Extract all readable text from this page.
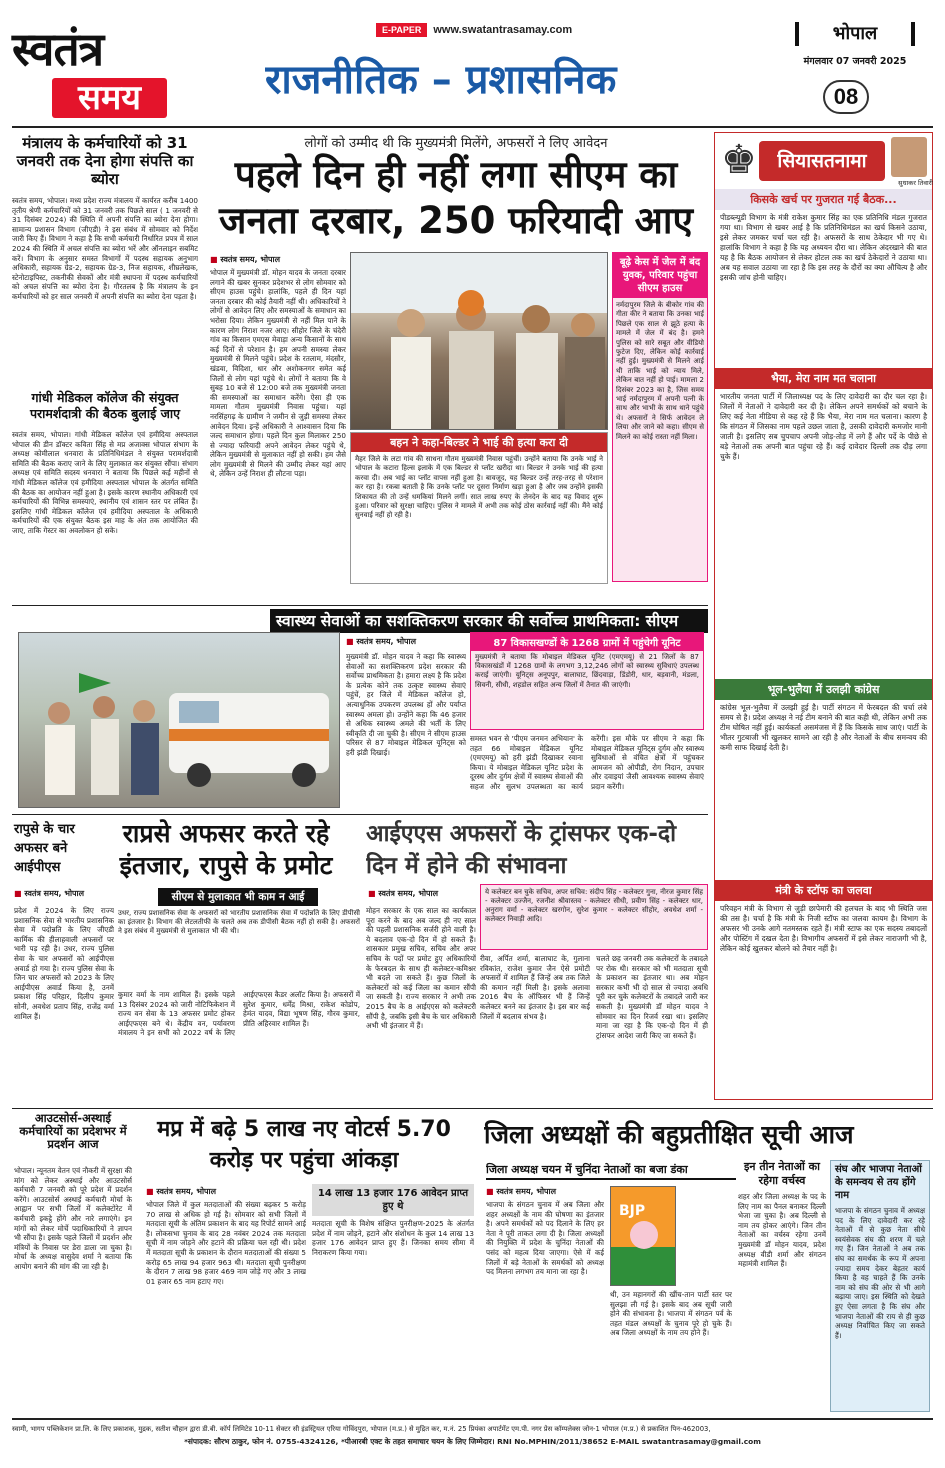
स्वतंत्र
समय
E-PAPER	www.swatantrasamay.com
राजनीतिक – प्रशासनिक
भोपाल
मंगलवार 07 जनवरी 2025
08
मंत्रालय के कर्मचारियों को 31 जनवरी तक देना होगा संपत्ति का ब्योरा
स्वतंत्र समय, भोपाल। मध्य प्रदेश राज्य मंत्रालय में कार्यरत करीब 1400 तृतीय श्रेणी कर्मचारियों को 31 जनवरी तक पिछले साल ( 1 जनवरी से 31 दिसंबर 2024) की स्थिति में अपनी संपत्ति का ब्योरा देना होगा। सामान्य प्रशासन विभाग (जीएडी) ने इस संबंध में सोमवार को निर्देश जारी किए हैं। विभाग ने कहा है कि सभी कर्मचारी निर्धारित प्रपत्र में साल 2024 की स्थिति में अचल संपत्ति का ब्योरा भरें और ऑनलाइन सबमिट करें। विभाग के अनुसार समस्त विभागों में पदस्थ सहायक अनुभाग अधिकारी, सहायक ग्रेड-2, सहायक ग्रेड-3, निज सहायक, शीघ्रलेखक, स्टेनोटाइपिस्ट, तकनीकी सेवकों और मंत्री स्थापना में पदस्थ कर्मचारियों को अचल संपत्ति का ब्योरा देना है। गौरतलब है कि मंत्रालय के इन कर्मचारियों को हर साल जनवरी में अपनी संपत्ति का ब्योरा देना पड़ता है।
गांधी मेडिकल कॉलेज की संयुक्त परामर्शदात्री की बैठक बुलाई जाए
स्वतंत्र समय, भोपाल। गांधी मेडिकल कॉलेज एवं हमीदिया अस्पताल भोपाल की डीन डॉक्टर कविता सिंह से मप्र अजाक्स भोपाल संभाग के अध्यक्ष कोमीलाल धनवारा के प्रतिनिधिमंडल ने संयुक्त परामर्शदात्री समिति की बैठक कराए जाने के लिए मुलाकात कर संयुक्त सौंपा। संभाग अध्यक्ष एवं समिति सदस्य धनवारा ने बताया कि पिछले कई महीनों से गांधी मेडिकल कॉलेज एवं हमीदिया अस्पताल भोपाल के अंतर्गत समिति की बैठक का आयोजन नहीं हुआ है। इसके कारण स्थानीय अधिकारी एवं कर्मचारियों की विभिन्न समस्याएं, स्थानीय एवं शासन स्तर पर लंबित हैं। इसलिए गांधी मेडिकल कॉलेज एवं हमीदिया अस्पताल के अधिकारी कर्मचारियों की एक संयुक्त बैठक इस माह के अंत तक आयोजित की जाए, ताकि गेस्टर का अवलोकन हो सके।
लोगों को उम्मीद थी कि मुख्यमंत्री मिलेंगे, अफसरों ने लिए आवेदन
पहले दिन ही नहीं लगा सीएम का जनता दरबार, 250 फरियादी आए
■ स्वतंत्र समय, भोपाल
भोपाल में मुख्यमंत्री डॉ. मोहन यादव के जनता दरबार लगाने की खबर सुनकर प्रदेशभर से लोग सोमवार को सीएम हाउस पहुंचे। हालांकि, पहले ही दिन यहां जनता दरबार की कोई तैयारी नहीं थी। अधिकारियों ने लोगों से आवेदन लिए और समस्याओं के समाधान का भरोसा दिया। लेकिन मुख्यमंत्री से नहीं मिल पाने के कारण लोग निराश नजर आए। सीहोर जिले के चंदेरी गांव का किसान एमएस मेवाड़ा अन्य किसानों के साथ कई दिनों से परेशान है। हम अपनी समस्या लेकर मुख्यमंत्री से मिलने पहुंचे। प्रदेश के रतलाम, मंदसौर, खंडवा, विदिशा, धार और अशोकनगर समेत कई जिलों से लोग यहां पहुंचे थे। लोगों ने बताया कि वे सुबह 10 बजे से 12:00 बजे तक मुख्यमंत्री जनता की समस्याओं का समाधान करेंगे। ऐसा ही एक मामला गौतम मुख्यमंत्री निवास पहुंचा। यहां नरसिंहगढ़ के ग्रामीण ने जमीन से जुड़ी समस्या लेकर आवेदन दिया। इन्हें अधिकारी ने आश्वासन दिया कि जल्द समाधान होगा। पहले दिन कुल मिलाकर 250 से ज्यादा फरियादी अपने आवेदन लेकर पहुंचे थे, लेकिन मुख्यमंत्री से मुलाकात नहीं हो सकी। हम जैसे लोग मुख्यमंत्री से मिलने की उम्मीद लेकर यहां आए थे, लेकिन उन्हें निराश ही लौटना पड़ा।
बूढ़े केस में जेल में बंद युवक, परिवार पहुंचा सीएम हाउस
नर्मदापुरम जिले के बीकोर गांव की गीता कीर ने बताया कि उनका भाई पिछले एक साल से झूठे हत्या के मामले में जेल में बंद है। हमने पुलिस को सारे सबूत और वीडियो फुटेज दिए, लेकिन कोई कार्रवाई नहीं हुई। मुख्यमंत्री से मिलने आई थी ताकि भाई को न्याय मिले, लेकिन बात नहीं हो पाई। मामला 2 दिसंबर 2023 का है, जिस समय भाई नर्मदापुरम में अपनी पत्नी के साथ और भाभी के साथ थाने पहुंचे थे। अफसरों ने सिर्फ आवेदन ले लिया और जाने को कहा। सीएम से मिलने का कोई रास्ता नहीं मिला।
बहन ने कहा-बिल्डर ने भाई की हत्या करा दी
मैहर जिले के लटा गांव की साधना गौतम मुख्यमंत्री निवास पहुंचीं। उन्होंने बताया कि उनके भाई ने भोपाल के कटारा हिल्स इलाके में एक बिल्डर से प्लॉट खरीदा था। बिल्डर ने उनके भाई की हत्या करवा दी। अब भाई का प्लॉट वापस नहीं हुआ है। बावजूद, यह बिल्डर उन्हें तरह-तरह से परेशान कर रहा है। रकबा बताती है कि उनके प्लॉट पर दूसरा निर्माण खड़ा हुआ है और जब उन्होंने इसकी शिकायत की तो उन्हें धमकियां मिलने लगीं। सात लाख रुपए के लेनदेन के बाद यह विवाद शुरू हुआ। परिवार को सुरक्षा चाहिए। पुलिस ने मामले में अभी तक कोई ठोस कार्रवाई नहीं की। मैंने कोई सुनवाई नहीं हो रही है।
स्वास्थ्य सेवाओं का सशक्तिकरण सरकार की सर्वोच्च प्राथमिकता: सीएम
■ स्वतंत्र समय, भोपाल	87 विकासखण्डों के 1268 ग्रामों में पहुंचेगी यूनिट
मुख्यमंत्री ने बताया कि मोबाइल मेडिकल यूनिट (एमएमयू) से 21 जिलों के 87 विकासखंडों में 1268 ग्रामों के लगभग 3,12,246 लोगों को स्वास्थ्य सुविधाएं उपलब्ध कराई जाएंगी। यूनिट्स अनूपपुर, बालाघाट, छिंदवाड़ा, डिंडोरी, धार, बड़वानी, मंडला, सिवनी, सीधी, शहडोल सहित अन्य जिलों में तैनात की जाएंगी।
मुख्यमंत्री डॉ. मोहन यादव ने कहा कि स्वास्थ्य सेवाओं का सशक्तिकरण प्रदेश सरकार की सर्वोच्च प्राथमिकता है। हमारा लक्ष्य है कि प्रदेश के प्रत्येक कोने तक उत्कृष्ट स्वास्थ्य सेवाएं पहुंचें, हर जिले में मेडिकल कॉलेज हो, अत्याधुनिक उपकरण उपलब्ध हों और पर्याप्त स्वास्थ्य अमला हो। उन्होंने कहा कि 46 हजार से अधिक स्वास्थ्य अमले की भर्ती के लिए स्वीकृति दी जा चुकी है। सीएम ने सीएम हाउस परिसर से 87 मोबाइल मेडिकल यूनिट्स को हरी झंडी दिखाई।
समस्त भवन से 'पीएम जनमन अभियान' के तहत 66 मोबाइल मेडिकल यूनिट (एमएमयू) को हरी झंडी दिखाकर रवाना किया। ये मोबाइल मेडिकल यूनिट प्रदेश के दूरस्थ और दुर्गम क्षेत्रों में स्वास्थ्य सेवाओं की सहज और सुलभ उपलब्धता का कार्य करेंगी। इस मौके पर सीएम ने कहा कि मोबाइल मेडिकल यूनिट्स दुर्गम और स्वास्थ्य सुविधाओं से वंचित क्षेत्रों में पहुंचकर आमजन को ओपीडी, रोग निदान, उपचार और दवाइयां जैसी आवश्यक स्वास्थ्य सेवाएं प्रदान करेंगी।
रापुसे के चार अफसर बने आईपीएस
राप्रसे अफसर करते रहे इंतजार, रापुसे के प्रमोट
■ स्वतंत्र समय, भोपाल	सीएम से मुलाकात भी काम न आई
उधर, राज्य प्रशासनिक सेवा के अफसरों को भारतीय प्रशासनिक सेवा में पदोन्नति के लिए डीपीसी का इंतजार है। विभाग की लेटलतीफी के चलते अब तक डीपीसी बैठक नहीं हो सकी है। अफसरों ने इस संबंध में मुख्यमंत्री से मुलाकात भी की थी।
प्रदेश में 2024 के लिए राज्य प्रशासनिक सेवा से भारतीय प्रशासनिक सेवा में पदोन्नति के लिए जीएडी कार्मिक की हीलाहवाली अफसरों पर भारी पड़ रही है। उधर, राज्य पुलिस सेवा के चार अफसरों को आईपीएस अवार्ड हो गया है। राज्य पुलिस सेवा के जिन चार अफसरों को 2023 के लिए आईपीएस अवार्ड किया है, उनमें प्रकाश सिंह परिहार, दिलीप कुमार सोनी, अवधेश प्रताप सिंह, राजेंद्र वर्मा शामिल हैं।
कुमार वर्मा के नाम शामिल हैं। इसके पहले 13 दिसंबर 2024 को जारी नोटिफिकेशन में राज्य वन सेवा के 13 अफसर प्रमोट होकर आईएफएस बने थे। केंद्रीय वन, पर्यावरण मंत्रालय ने इन सभी को 2022 वर्ष के लिए आईएफएस कैडर अलॉट किया है। अफसरों में सुरेश कुमार, धर्मेंद्र मिश्रा, राकेश कोडोप, हेमंत यादव, विद्या भूषण सिंह, गौरव कुमार, प्रीति अहिरवार शामिल हैं।
आईएएस अफसरों के ट्रांसफर एक-दो दिन में होने की संभावना
■ स्वतंत्र समय, भोपाल	ये कलेक्टर बन चुके सचिव, अपर सचिव: संदीप सिंह - कलेक्टर गुना, नीरज कुमार सिंह - कलेक्टर उज्जैन, रजनीश श्रीवास्तव - कलेक्टर सीधी, प्रवीण सिंह - कलेक्टर धार, अनुराग वर्मा - कलेक्टर खरगोन, सुरेश कुमार - कलेक्टर सीहोर, अवधेश शर्मा - कलेक्टर निवाड़ी आदि।
मोहन सरकार के एक साल का कार्यकाल पूरा करने के बाद अब जल्द ही नए साल की पहली प्रशासनिक सर्जरी होने वाली है। ये बदलाव एक-दो दिन में हो सकते हैं। शासकार प्रमुख सचिव, सचिव और अपर सचिव के पदों पर प्रमोट हुए अधिकारियों के फेरबदल के साथ ही कलेक्टर-कमिश्नर भी बदले जा सकते हैं। कुछ जिलों के कलेक्टरों को कई जिला का कमान सौंपी जा सकती है। राज्य सरकार ने अभी तक 2015 बैच के 8 आईएएस को कलेक्टरी सौंपी है, जबकि इसी बैच के चार अधिकारी अभी भी इंतजार में हैं।
रीवा, अर्पित शर्मा, बालाघाट के, गुलाना रविकांत, राजेश कुमार जैन ऐसे प्रमोटी अफसरों में शामिल हैं जिन्हें अब तक जिले की कमान नहीं मिली है। इसके अलावा 2016 बैच के ऑफिसर भी हैं जिन्हें कलेक्टर बनने का इंतजार है। इस बार कई जिलों में बदलाव संभव है।
चलते छह जनवरी तक कलेक्टरों के तबादले पर रोक थी। सरकार को भी मतदाता सूची के प्रकाशन का इंतजार था। अब मोहन सरकार कभी भी दो साल से ज्यादा अवधि पूरी कर चुके कलेक्टरों के तबादले जारी कर सकती है। मुख्यमंत्री डॉ मोहन यादव ने सोमवार का दिन रिजर्व रखा था। इसलिए माना जा रहा है कि एक-दो दिन में ही ट्रांसफर आदेश जारी किए जा सकते हैं।
आउटसोर्स-अस्थाई कर्मचारियों का प्रदेशभर में प्रदर्शन आज
भोपाल। न्यूनतम वेतन एवं नौकरी में सुरक्षा की मांग को लेकर अस्थाई और आउटसोर्स कर्मचारी 7 जनवरी को पूरे प्रदेश में प्रदर्शन करेंगे। आउटसोर्स अस्थाई कर्मचारी मोर्चा के आह्वान पर सभी जिलों में कलेक्टोरेट में कर्मचारी इकट्ठे होंगे और नारे लगाएंगे। इन मांगों को लेकर मोर्चे पदाधिकारियों ने ज्ञापन भी सौंपा है। इसके पहले जिलों में प्रदर्शन और मंत्रियों के निवास पर डेरा डाला जा चुका है। मोर्चा के अध्यक्ष वासुदेव शर्मा ने बताया कि आयोग बनाने की मांग की जा रही है।
मप्र में बढ़े 5 लाख नए वोटर्स 5.70 करोड़ पर पहुंचा आंकड़ा
■ स्वतंत्र समय, भोपाल
भोपाल जिले में कुल मतदाताओं की संख्या बढ़कर 5 करोड़ 70 लाख से अधिक हो गई है। सोमवार को सभी जिलों में मतदाता सूची के अंतिम प्रकाशन के बाद यह रिपोर्ट सामने आई है। लोकसभा चुनाव के बाद 28 नवंबर 2024 तक मतदाता सूची में नाम जोड़ने और हटाने की प्रक्रिया चल रही थी। प्रदेश में मतदाता सूची के प्रकाशन के दौरान मतदाताओं की संख्या 5 करोड़ 65 लाख 94 हजार 963 थी। मतदाता सूची पुनरीक्षण के दौरान 7 लाख 98 हजार 469 नाम जोड़े गए और 3 लाख 01 हजार 65 नाम हटाए गए।
14 लाख 13 हजार 176 आवेदन प्राप्त हुए थे
मतदाता सूची के विशेष संक्षिप्त पुनरीक्षण-2025 के अंतर्गत प्रदेश में नाम जोड़ने, हटाने और संशोधन के कुल 14 लाख 13 हजार 176 आवेदन प्राप्त हुए हैं। जिनका समय सीमा में निराकरण किया गया।
जिला अध्यक्षों की बहुप्रतीक्षित सूची आज
जिला अध्यक्ष चयन में चुनिंदा नेताओं का बजा डंका
■ स्वतंत्र समय, भोपाल
भाजपा के संगठन चुनाव में अब जिला और शहर अध्यक्षों के नाम की घोषणा का इंतजार है। अपने समर्थकों को पद दिलाने के लिए हर नेता ने पूरी ताकत लगा दी है। जिला अध्यक्षों की नियुक्ति में प्रदेश के चुनिंदा नेताओं की पसंद को महत्व दिया जाएगा। ऐसे में कई जिलों में बड़े नेताओं के समर्थकों को अध्यक्ष पद मिलना लगभग तय माना जा रहा है।
BJP
थी, उन महानगरों की खींच-तान पार्टी स्तर पर सुलझा ली गई है। इसके बाद अब सूची जारी होने की संभावना है। भाजपा में संगठन पर्व के तहत मंडल अध्यक्षों के चुनाव पूरे हो चुके हैं। अब जिला अध्यक्षों के नाम तय होने हैं।
इन तीन नेताओं का रहेगा वर्चस्व
शहर और जिला अध्यक्ष के पद के लिए नाम का पैनल बनाकर दिल्ली भेजा जा चुका है। अब दिल्ली से नाम तय होकर आएंगे। जिन तीन नेताओं का वर्चस्व रहेगा उनमें मुख्यमंत्री डॉ मोहन यादव, प्रदेश अध्यक्ष वीडी शर्मा और संगठन महामंत्री शामिल हैं।
संघ और भाजपा नेताओं के समन्वय से तय होंगे नाम
भाजपा के संगठन चुनाव में अध्यक्ष पद के लिए दावेदारी कर रहे नेताओं में से कुछ नेता सीधे स्वयंसेवक संघ की शरण में चले गए हैं। जिन नेताओं ने अब तक संघ का समर्थक के रूप में अपना ज्यादा समय देकर बेहतर कार्य किया है वह चाहते हैं कि उनके नाम को संघ की ओर से भी आगे बढ़ाया जाए। इस स्थिति को देखते हुए ऐसा लगता है कि संघ और भाजपा नेताओं की राय से ही कुछ अध्यक्ष निर्वाचित किए जा सकते हैं।
♚	सियासतनामा
सुधाकर तिवारी
किसके खर्च पर गुजरात गई बैठक...
पीडब्ल्यूडी विभाग के मंत्री राकेश कुमार सिंह का एक प्रतिनिधि मंडल गुजरात गया था। विभाग से खबर आई है कि प्रतिनिधिमंडल का खर्च किसने उठाया, इसे लेकर जमकर चर्चा चल रही है। अफसरों के साथ ठेकेदार भी गए थे। हालांकि विभाग ने कहा है कि यह अध्ययन दौरा था। लेकिन अंदरखाने की बात यह है कि बैठक आयोजन से लेकर होटल तक का खर्च ठेकेदारों ने उठाया था। अब यह सवाल उठाया जा रहा है कि इस तरह के दौरों का क्या औचित्य है और इसकी जांच होनी चाहिए।
भैया, मेरा नाम मत चलाना
भारतीय जनता पार्टी में जिलाध्यक्ष पद के लिए दावेदारी का दौर चल रहा है। जिलों में नेताओं ने दावेदारी कर दी है। लेकिन अपने समर्थकों को बचाने के लिए कई नेता मीडिया से कह रहे हैं कि भैया, मेरा नाम मत चलाना। कारण है कि संगठन में जिसका नाम पहले उछल जाता है, उसकी दावेदारी कमजोर मानी जाती है। इसलिए सब चुपचाप अपनी जोड़-तोड़ में लगे हैं और पर्दे के पीछे से बड़े नेताओं तक अपनी बात पहुंचा रहे हैं। कई दावेदार दिल्ली तक दौड़ लगा चुके हैं।
भूल-भुलैया में उलझी कांग्रेस
कांग्रेस भूल-भुलैया में उलझी हुई है। पार्टी संगठन में फेरबदल की चर्चा लंबे समय से है। प्रदेश अध्यक्ष ने नई टीम बनाने की बात कही थी, लेकिन अभी तक टीम घोषित नहीं हुई। कार्यकर्ता असमंजस में हैं कि किसके साथ जाएं। पार्टी के भीतर गुटबाजी भी खुलकर सामने आ रही है और नेताओं के बीच समन्वय की कमी साफ दिखाई देती है।
मंत्री के स्टॉफ का जलवा
परिवहन मंत्री के विभाग से जुड़ी छापेमारी की हलचल के बाद भी स्थिति जस की तस है। चर्चा है कि मंत्री के निजी स्टॉफ का जलवा कायम है। विभाग के अफसर भी उनके आगे नतमस्तक रहते हैं। मंत्री स्टाफ का एक सदस्य तबादलों और पोस्टिंग में दखल देता है। विभागीय अफसरों में इसे लेकर नाराजगी भी है, लेकिन कोई खुलकर बोलने को तैयार नहीं है।
स्वामी, भागप पब्लिकेशन प्रा.लि. के लिए प्रकाशक, मुद्रक, सतीश चौहान द्वारा डी.बी. कॉर्प लिमिटेड 10-11 सेक्टर सी इंडस्ट्रियल एरिया गोविंदपुरा, भोपाल (म.प्र.) से मुद्रित कर, म.नं. 25 प्रियंका अपार्टमेंट एम.पी. नगर प्रेस कॉम्पलेक्स जोन-1 भोपाल (म.प्र.) से प्रकाशित पिन-462003,
*संपादक: सौरभ ठाकुर, फोन नं. 0755-4324126, *पीआरबी एक्ट के तहत समाचार चयन के लिए जिम्मेदार। RNI No.MPHIN/2011/38652 E-MAIL swatantrasamay@gmail.com
